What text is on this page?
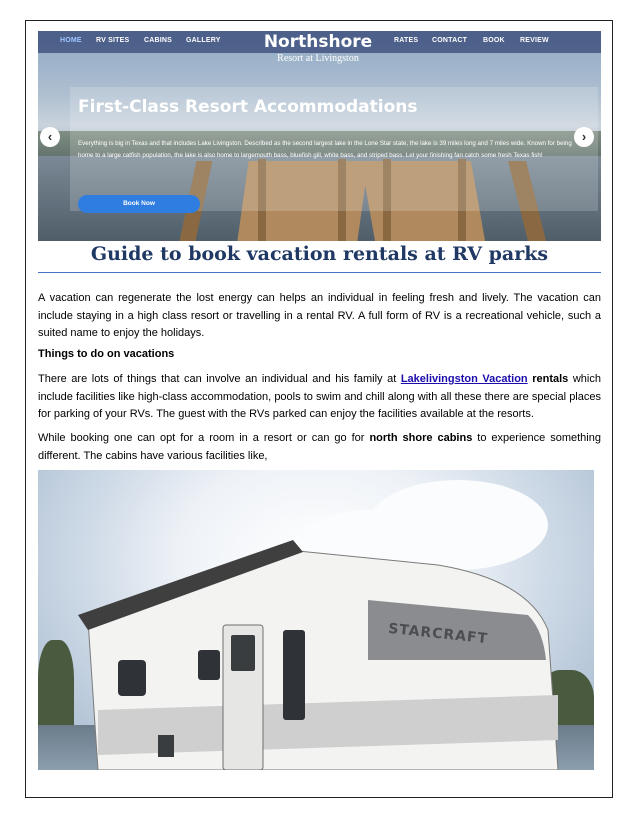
HOME RV SITES CABINS GALLERY	Northshore
Resort at Livingston
RATES CONTACT BOOK REVIEW
First-Class Resort Accommodations
Everything is big in Texas and that includes Lake Livingston. Described as the second largest lake in the Lone Star state, the lake is 39 miles long and 7 miles wide. Known for being home to a large catfish population, the lake is also home to largemouth bass, bluefish gill, white bass, and striped bass. Let your finishing fan catch some fresh Texas fish!
Book Now
‹	›
Guide to book vacation rentals at RV parks

A vacation can regenerate the lost energy can helps an individual in feeling fresh and lively. The vacation can include staying in a high class resort or travelling in a rental RV. A full form of RV is a recreational vehicle, such a suited name to enjoy the holidays.

Things to do on vacations

There are lots of things that can involve an individual and his family at Lakelivingston Vacation rentals which include facilities like high-class accommodation, pools to swim and chill along with all these there are special places for parking of your RVs. The guest with the RVs parked can enjoy the facilities available at the resorts.

While booking one can opt for a room in a resort or can go for north shore cabins to experience something different. The cabins have various facilities like,

STARCRAFT
